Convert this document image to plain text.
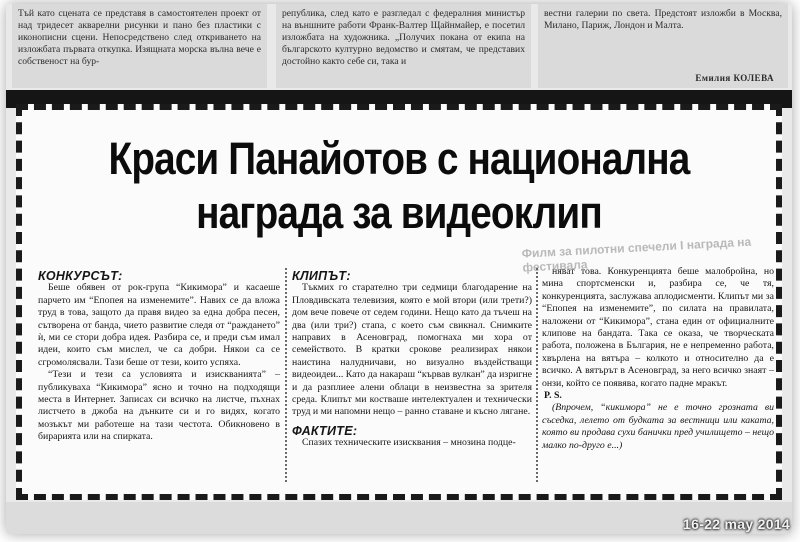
Тъй като сцената се представя в самостоятелен проект от над тридесет акварелни рисунки и пано без пластики с иконописни сцени. Непосредствено след откриването на изложбата първата откупка. Изящната морска вълна вече е собственост на бур-

република, след като е разгледал с федералния министър на външните работи Франк-Валтер Щайнмайер, е посетил изложбата на художника. „Получих покана от екипа на българското културно ведомство и смятам, че представих достойно както себе си, така и

вестни галерии по света. Предстоят изложби в Москва, Милано, Париж, Лондон и Малта.

Емилия КОЛЕВА
Краси Панайотов с национална
награда за видеоклип
Филм за пилотни спечели I награда на фестивала

КОНКУРСЪТ:

Беше обявен от рок-група “Кикимора” и касаеше парчето им “Епопея на изменемите”. Навих се да вложа труд в това, защото да правя видео за една добра песен, сътворена от банда, чието развитие следя от “раждането” ѝ, ми се стори добра идея. Разбира се, и преди съм имал идеи, които съм мислел, че са добри. Някои са се сгромолясвали. Тази беше от тези, които успяха.

“Тези и тези са условията и изискванията” – публикуваха “Кикимора” ясно и точно на подходящи места в Интернет. Записах си всичко на листче, пъхнах листчето в джоба на дънките си и го видях, когато мозъкът ми работеше на тази честота. Обикновено в бирарията или на спирката.

КЛИПЪТ:

Тъкмих го старателно три седмици благодарение на Пловдивската телевизия, която е мой втори (или трети?) дом вече повече от седем години. Нещо като да тъчеш на два (или три?) стапа, с което съм свикнал. Снимките направих в Асеновград, помогнаха ми хора от семейството. В кратки срокове реализирах някои наистина налудничави, но визуално въздействащи видеоидеи... Като да накараш “кървав вулкан” да изригне и да разплиее алени облаци в неизвестна за зрителя среда. Клипът ми костваше интелектуален и технически труд и ми напомни нещо – ранно ставане и късно лягане.

ФАКТИТЕ:

Спазих техническите изисквания – мнозина подце-

няват това. Конкуренцията беше малобройна, но мина спортсменски и, разбира се, че тя, конкуренцията, заслужава аплодисменти. Клипът ми за “Епопея на изменемите”, по силата на правилата, наложени от “Кикимора”, стана един от официалните клипове на бандата. Така се оказа, че творческата работа, положена в България, не е непременно работа, хвърлена на вятъра – колкото и относително да е всичко. А вятърът в Асеновград, за него всичко знаят – онзи, който се появява, когато падне мракът.

P. S.

(Впрочем, “кикимора” не е точно грозната ви съседка, лелето от будката за вестници или каката, която ви продава сухи банички пред училището – нещо малко по-друго е...)

16-22 may 2014
